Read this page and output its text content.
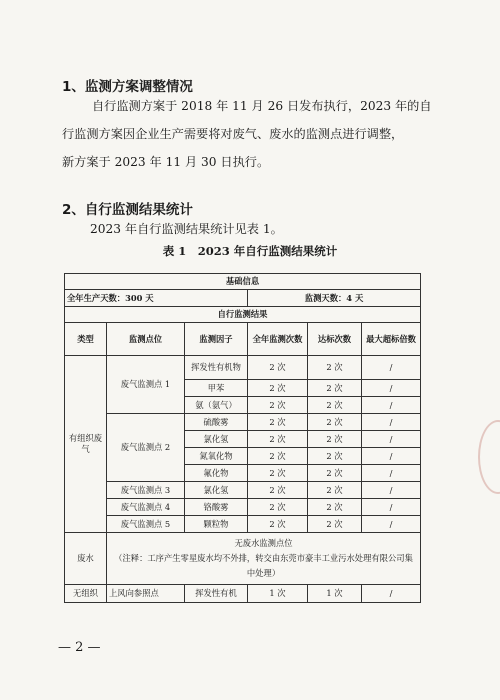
1、监测方案调整情况
自行监测方案于 2018 年 11 月 26 日发布执行，2023 年的自
行监测方案因企业生产需要将对废气、废水的监测点进行调整，
新方案于 2023 年 11 月 30 日执行。
2、自行监测结果统计
2023 年自行监测结果统计见表 1。
表 1　2023 年自行监测结果统计
基础信息					
全年生产天数：300 天			监测天数：4 天		
自行监测结果					
类型	监测点位	监测因子	全年监测次数	达标次数	最大超标倍数
有组织废气	废气监测点 1	挥发性有机物	2 次	2 次	/
		甲苯	2 次	2 次	/
		氨（氨气）	2 次	2 次	/
	废气监测点 2	硫酸雾	2 次	2 次	/
		氯化氢	2 次	2 次	/
		氮氧化物	2 次	2 次	/
		氟化物	2 次	2 次	/
	废气监测点 3	氯化氢	2 次	2 次	/
	废气监测点 4	铬酸雾	2 次	2 次	/
	废气监测点 5	颗粒物	2 次	2 次	/
废水	无废水监测点位
（注释：工序产生零星废水均不外排，转交由东莞市豪丰工业污水处理有限公司集中处理）				

无组织	上风向参照点	挥发性有机	1 次	1 次	/
— 2 —
